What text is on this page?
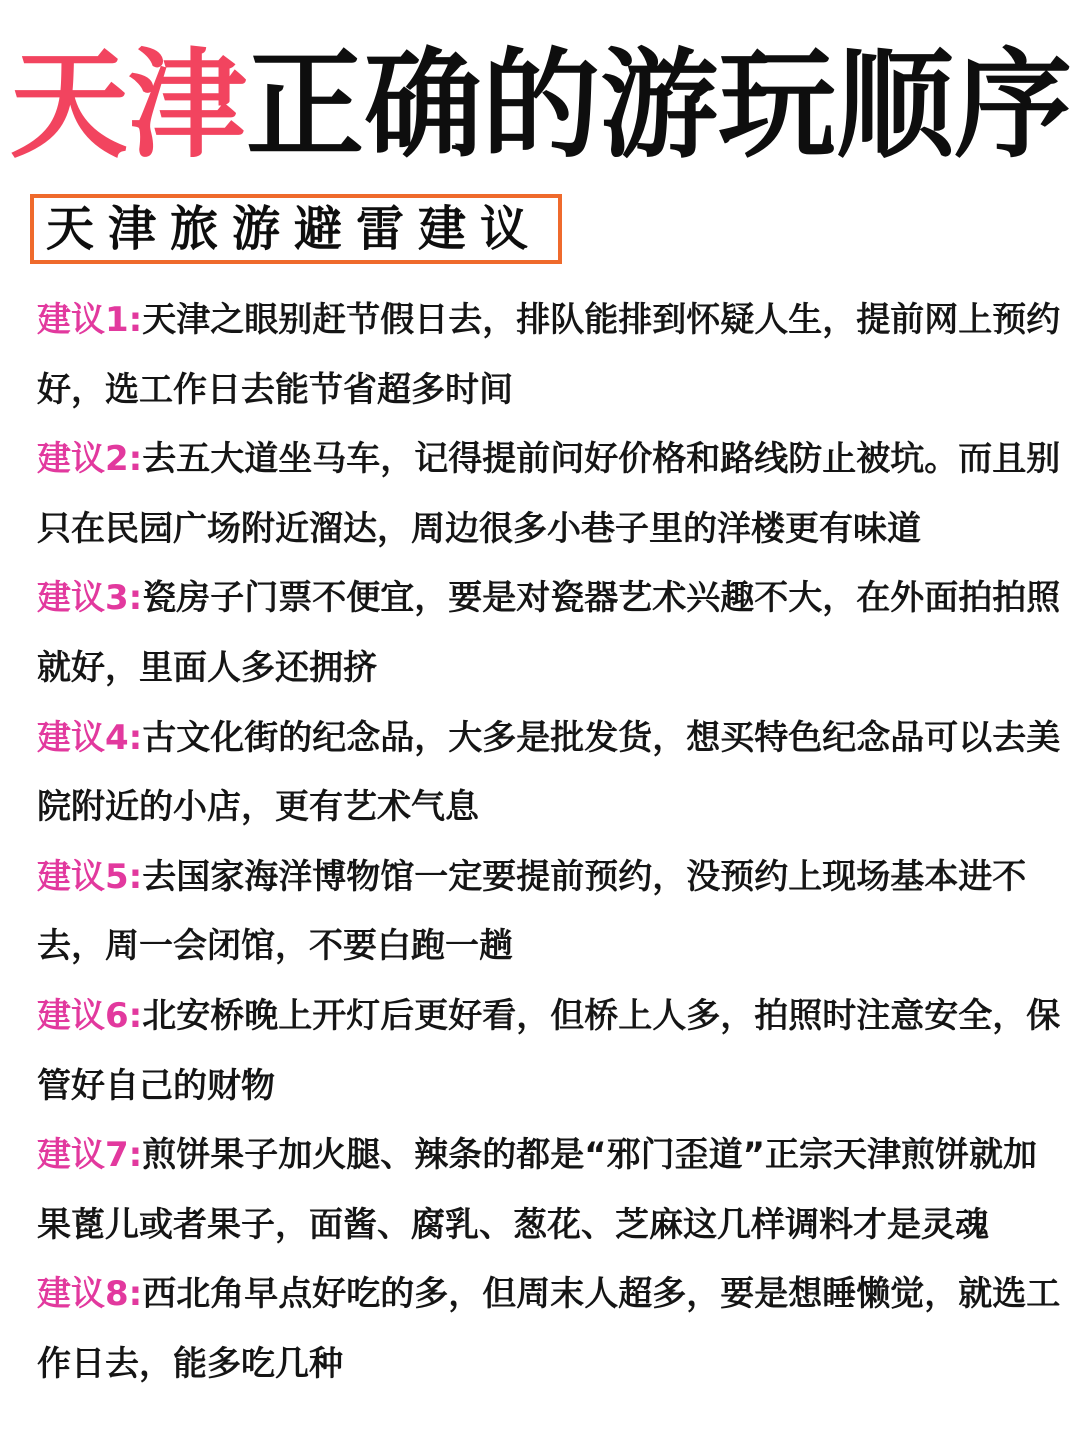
天津正确的游玩顺序
天津旅游避雷建议
建议1:天津之眼别赶节假日去，排队能排到怀疑人生，提前网上预约好，选工作日去能节省超多时间
建议2:去五大道坐马车，记得提前问好价格和路线防止被坑。而且别只在民园广场附近溜达，周边很多小巷子里的洋楼更有味道
建议3:瓷房子门票不便宜，要是对瓷器艺术兴趣不大，在外面拍拍照就好，里面人多还拥挤
建议4:古文化街的纪念品，大多是批发货，想买特色纪念品可以去美院附近的小店，更有艺术气息
建议5:去国家海洋博物馆一定要提前预约，没预约上现场基本进不去，周一会闭馆，不要白跑一趟
建议6:北安桥晚上开灯后更好看，但桥上人多，拍照时注意安全，保管好自己的财物
建议7:煎饼果子加火腿、辣条的都是“邪门歪道”正宗天津煎饼就加果蓖儿或者果子，面酱、腐乳、葱花、芝麻这几样调料才是灵魂
建议8:西北角早点好吃的多，但周末人超多，要是想睡懒觉，就选工作日去，能多吃几种
